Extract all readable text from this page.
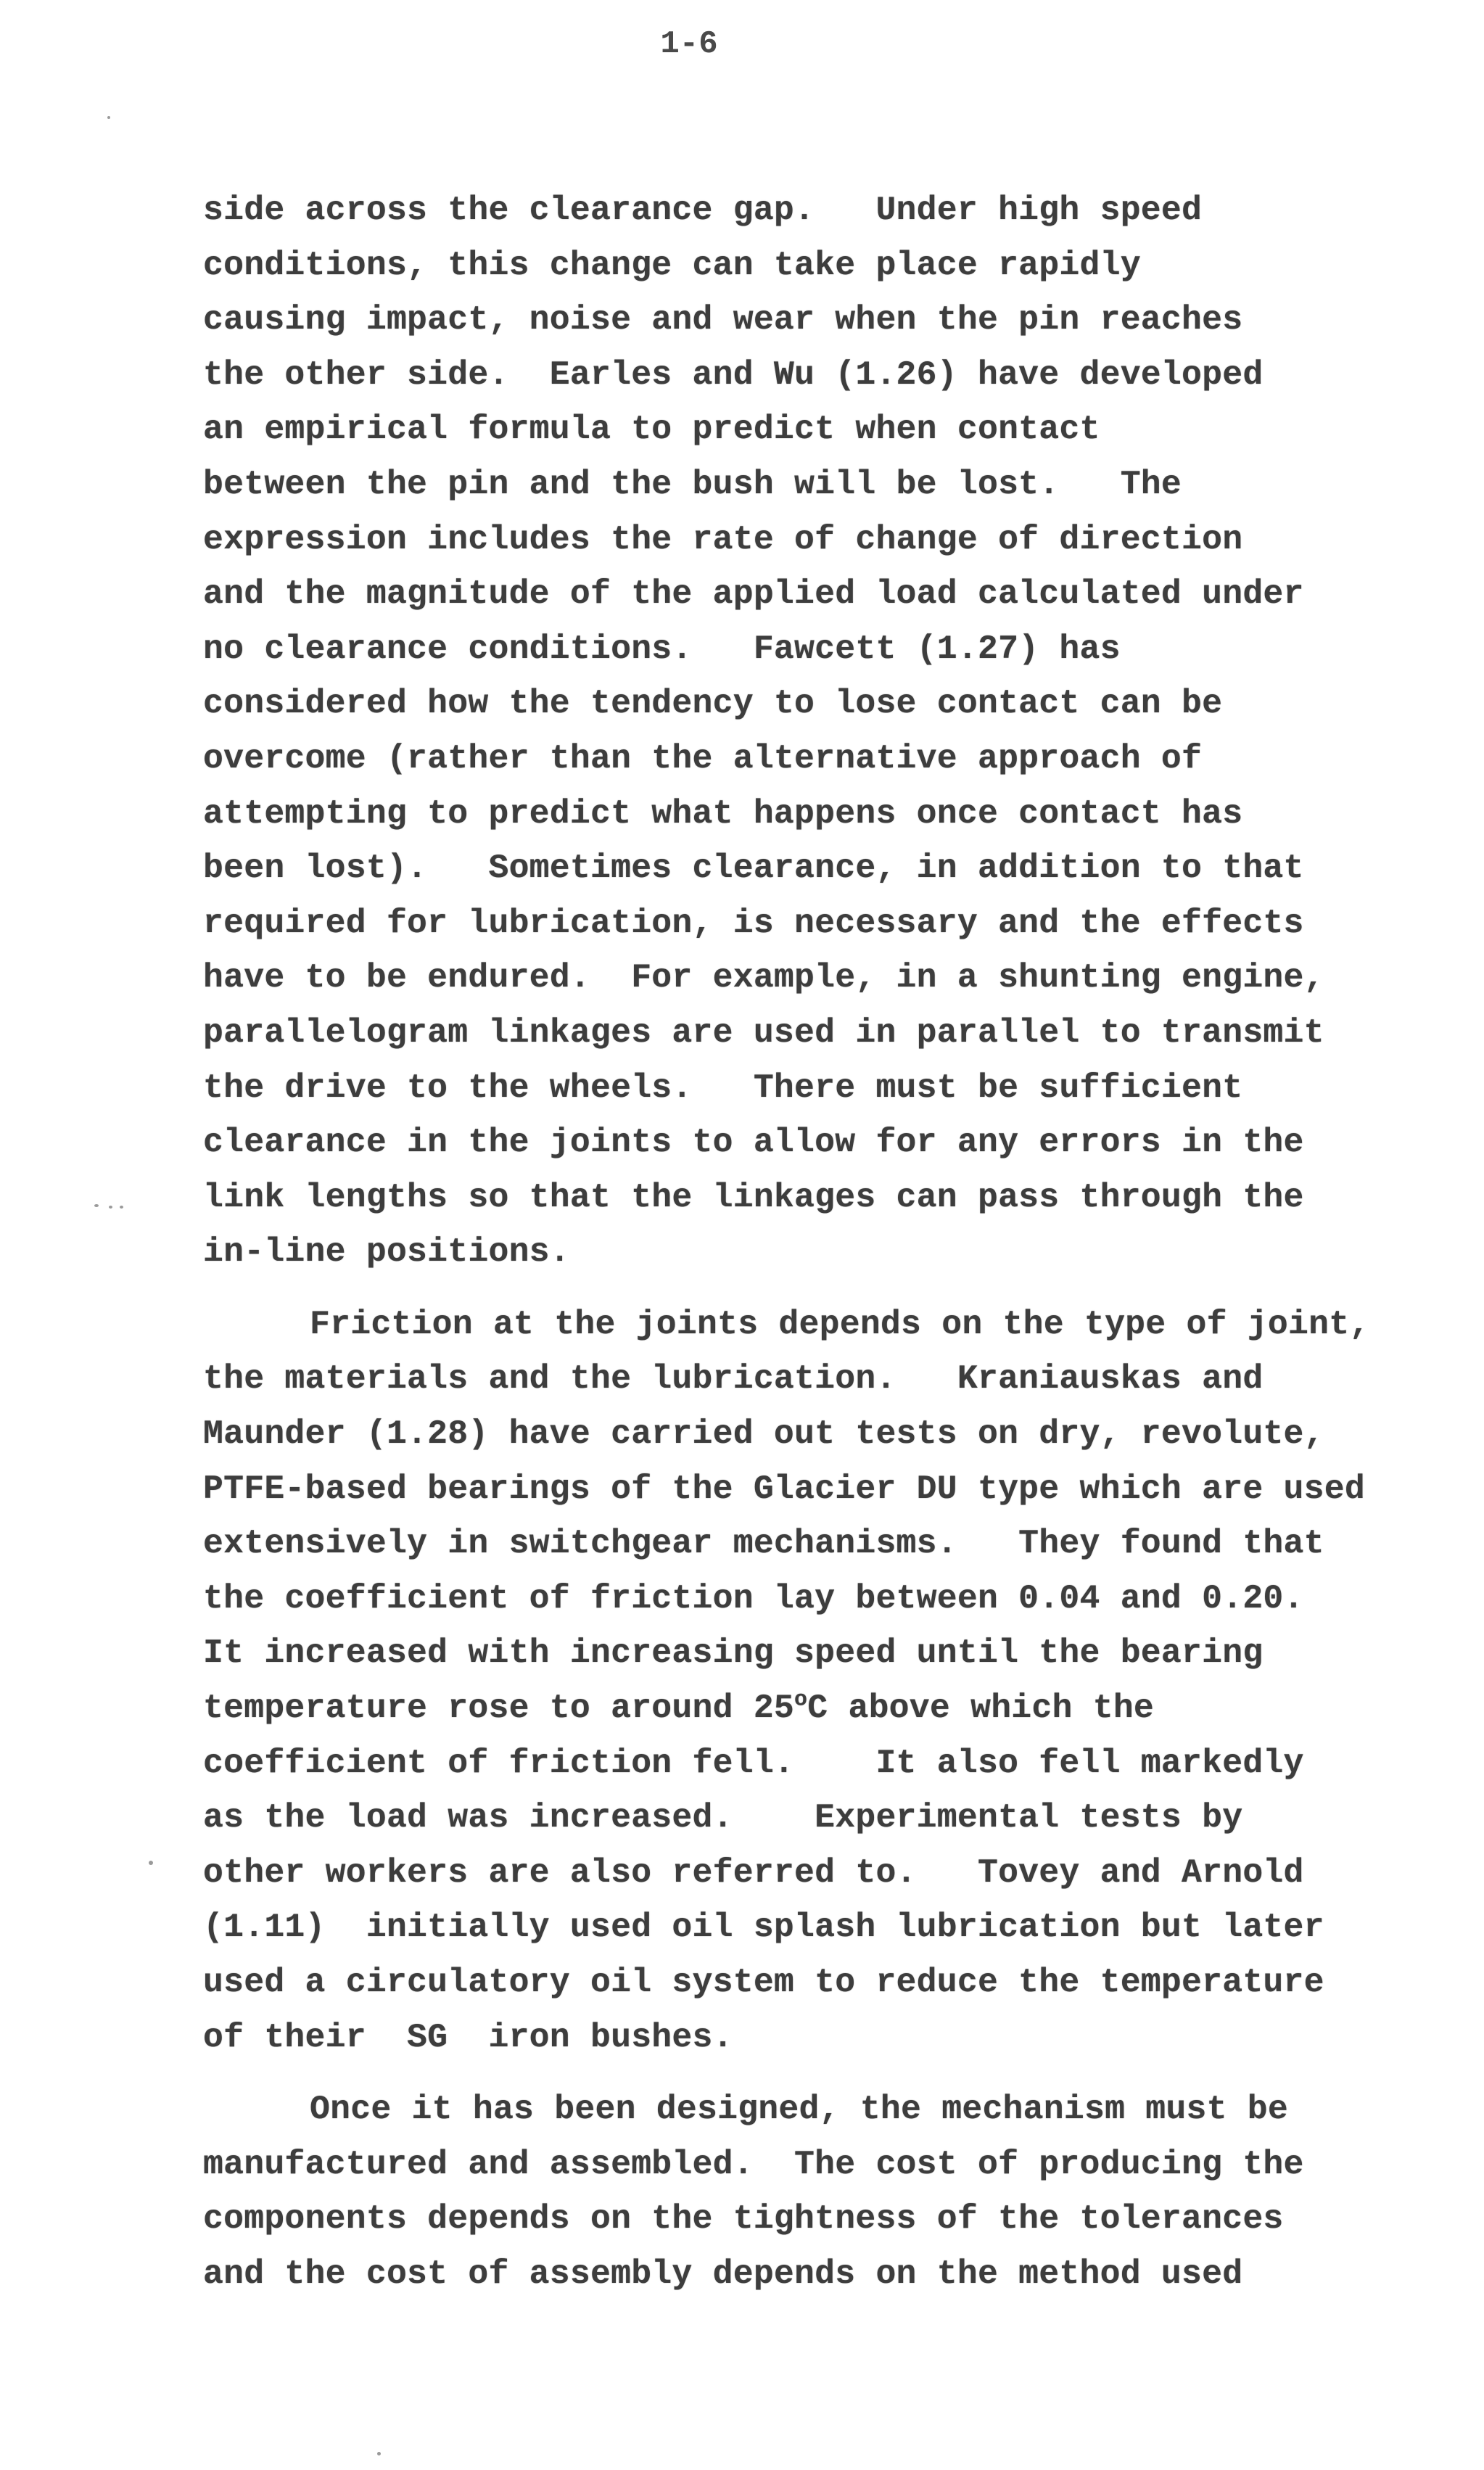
1-6
side across the clearance gap.   Under high speed
conditions, this change can take place rapidly
causing impact, noise and wear when the pin reaches
the other side.  Earles and Wu (1.26) have developed
an empirical formula to predict when contact
between the pin and the bush will be lost.   The
expression includes the rate of change of direction
and the magnitude of the applied load calculated under
no clearance conditions.   Fawcett (1.27) has
considered how the tendency to lose contact can be
overcome (rather than the alternative approach of
attempting to predict what happens once contact has
been lost).   Sometimes clearance, in addition to that
required for lubrication, is necessary and the effects
have to be endured.  For example, in a shunting engine,
parallelogram linkages are used in parallel to transmit
the drive to the wheels.   There must be sufficient
clearance in the joints to allow for any errors in the
link lengths so that the linkages can pass through the
in-line positions.
Friction at the joints depends on the type of joint,
the materials and the lubrication.   Kraniauskas and
Maunder (1.28) have carried out tests on dry, revolute,
PTFE-based bearings of the Glacier DU type which are used
extensively in switchgear mechanisms.   They found that
the coefficient of friction lay between 0.04 and 0.20.
It increased with increasing speed until the bearing
temperature rose to around 25$^o$C above which the
coefficient of friction fell.    It also fell markedly
as the load was increased.    Experimental tests by
other workers are also referred to.   Tovey and Arnold
(1.11)  initially used oil splash lubrication but later
used a circulatory oil system to reduce the temperature
of their  SG  iron bushes.
Once it has been designed, the mechanism must be
manufactured and assembled.  The cost of producing the
components depends on the tightness of the tolerances
and the cost of assembly depends on the method used
